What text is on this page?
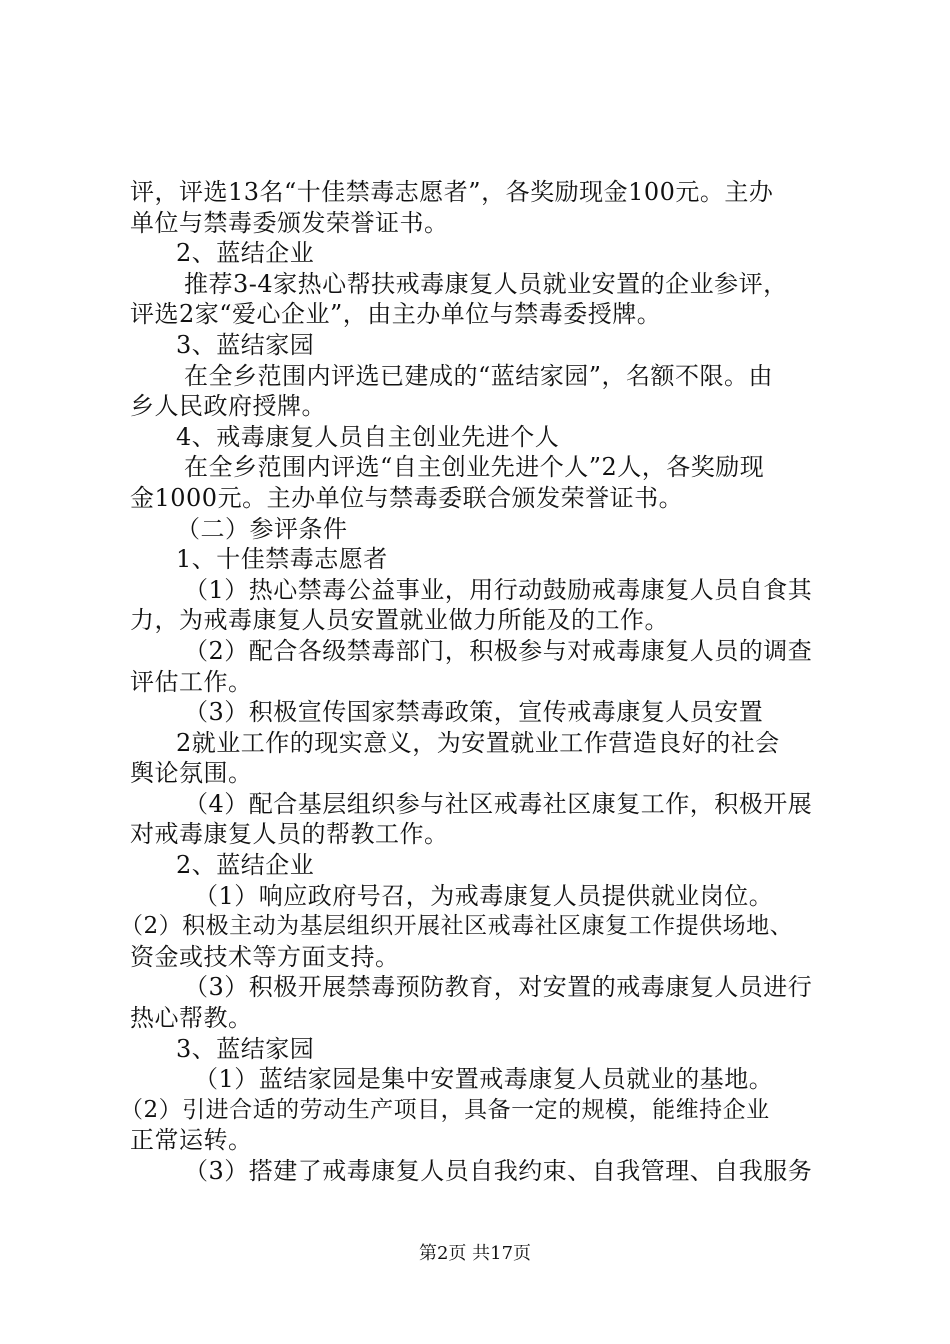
评，评选13名“十佳禁毒志愿者”，各奖励现金100元。主办
单位与禁毒委颁发荣誉证书。
2、蓝结企业
推荐3-4家热心帮扶戒毒康复人员就业安置的企业参评，
评选2家“爱心企业”，由主办单位与禁毒委授牌。
3、蓝结家园
在全乡范围内评选已建成的“蓝结家园”，名额不限。由
乡人民政府授牌。
4、戒毒康复人员自主创业先进个人
在全乡范围内评选“自主创业先进个人”2人，各奖励现
金1000元。主办单位与禁毒委联合颁发荣誉证书。
（二）参评条件
1、十佳禁毒志愿者
（1）热心禁毒公益事业，用行动鼓励戒毒康复人员自食其
力，为戒毒康复人员安置就业做力所能及的工作。
（2）配合各级禁毒部门，积极参与对戒毒康复人员的调查
评估工作。
（3）积极宣传国家禁毒政策，宣传戒毒康复人员安置
2就业工作的现实意义，为安置就业工作营造良好的社会
舆论氛围。
（4）配合基层组织参与社区戒毒社区康复工作，积极开展
对戒毒康复人员的帮教工作。
2、蓝结企业
（1）响应政府号召，为戒毒康复人员提供就业岗位。
（2）积极主动为基层组织开展社区戒毒社区康复工作提供场地、
资金或技术等方面支持。
（3）积极开展禁毒预防教育，对安置的戒毒康复人员进行
热心帮教。
3、蓝结家园
（1）蓝结家园是集中安置戒毒康复人员就业的基地。
（2）引进合适的劳动生产项目，具备一定的规模，能维持企业
正常运转。
（3）搭建了戒毒康复人员自我约束、自我管理、自我服务
第2页 共17页
